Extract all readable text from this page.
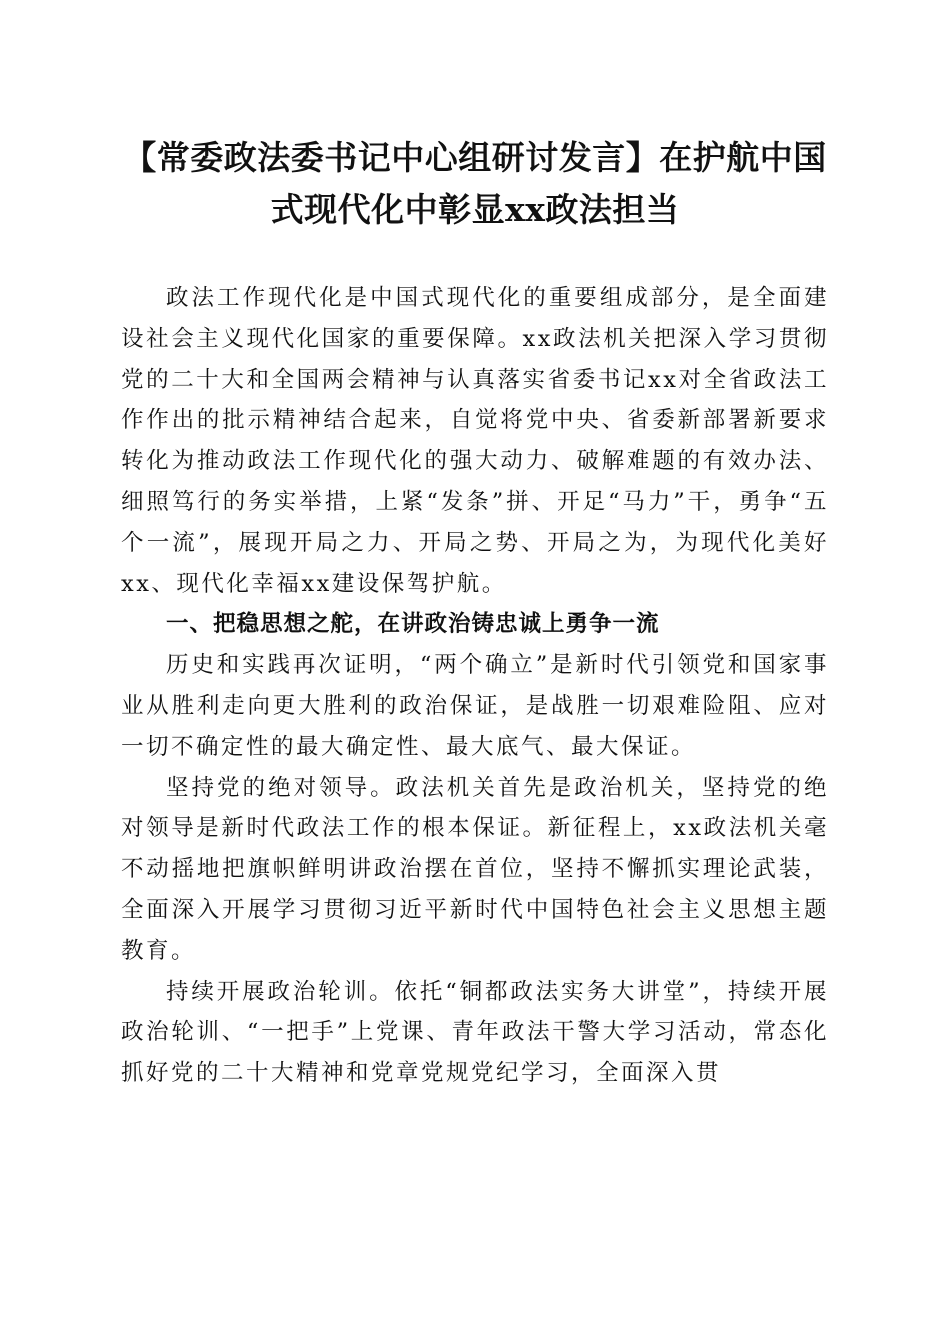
【常委政法委书记中心组研讨发言】在护航中国式现代化中彰显xx政法担当

政法工作现代化是中国式现代化的重要组成部分，是全面建设社会主义现代化国家的重要保障。xx政法机关把深入学习贯彻党的二十大和全国两会精神与认真落实省委书记xx对全省政法工作作出的批示精神结合起来，自觉将党中央、省委新部署新要求转化为推动政法工作现代化的强大动力、破解难题的有效办法、细照笃行的务实举措，上紧“发条”拼、开足“马力”干，勇争“五个一流”，展现开局之力、开局之势、开局之为，为现代化美好xx、现代化幸福xx建设保驾护航。

一、把稳思想之舵，在讲政治铸忠诚上勇争一流

历史和实践再次证明，“两个确立”是新时代引领党和国家事业从胜利走向更大胜利的政治保证，是战胜一切艰难险阻、应对一切不确定性的最大确定性、最大底气、最大保证。

坚持党的绝对领导。政法机关首先是政治机关，坚持党的绝对领导是新时代政法工作的根本保证。新征程上，xx政法机关毫不动摇地把旗帜鲜明讲政治摆在首位，坚持不懈抓实理论武装，全面深入开展学习贯彻习近平新时代中国特色社会主义思想主题教育。

持续开展政治轮训。依托“铜都政法实务大讲堂”，持续开展政治轮训、“一把手”上党课、青年政法干警大学习活动，常态化抓好党的二十大精神和党章党规党纪学习，全面深入贯
